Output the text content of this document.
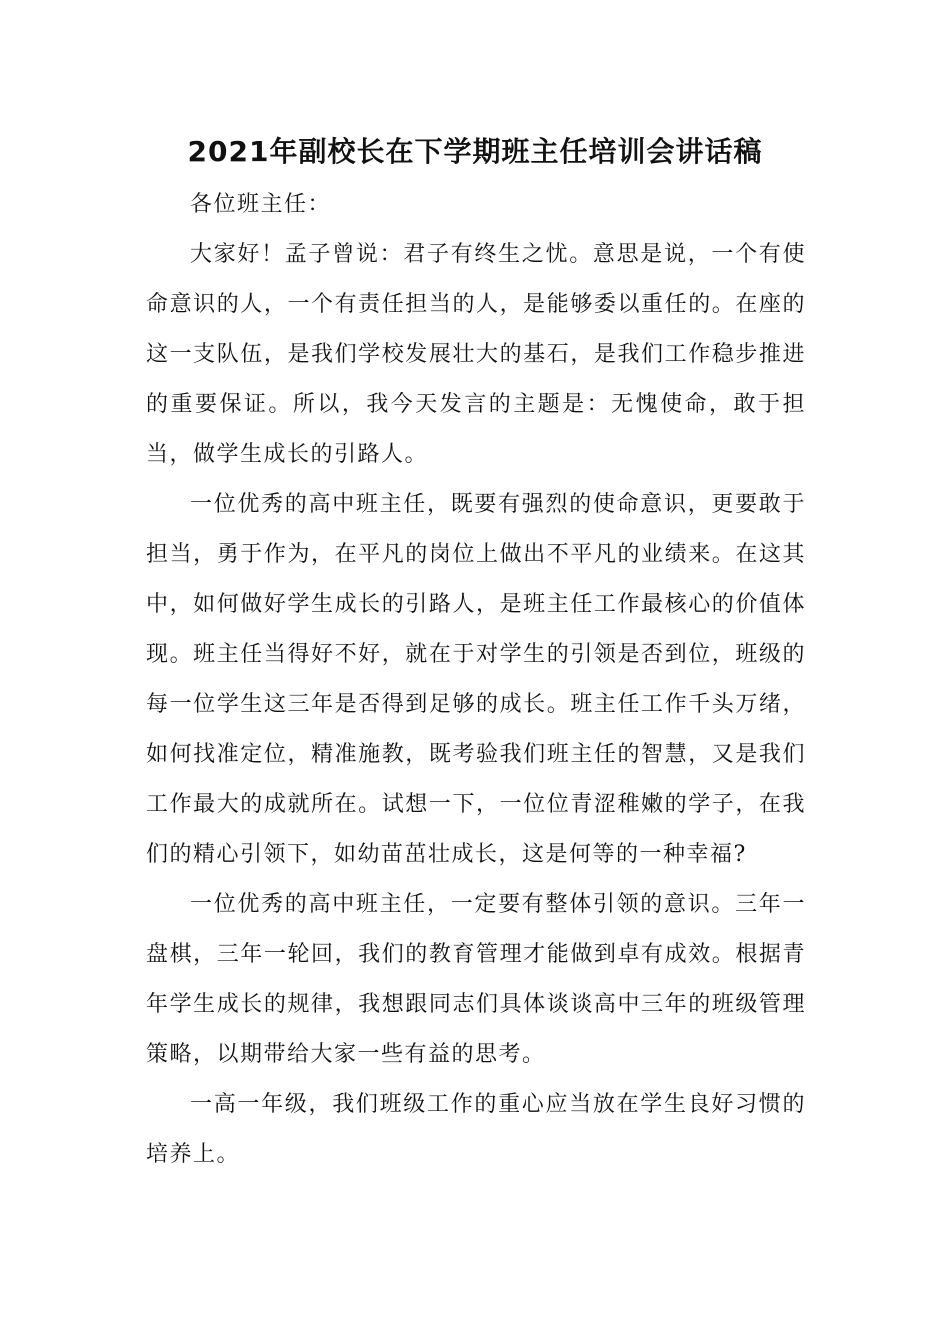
2021年副校长在下学期班主任培训会讲话稿

各位班主任：

大家好！孟子曾说：君子有终生之忧。意思是说，一个有使命意识的人，一个有责任担当的人，是能够委以重任的。在座的这一支队伍，是我们学校发展壮大的基石，是我们工作稳步推进的重要保证。所以，我今天发言的主题是：无愧使命，敢于担当，做学生成长的引路人。

一位优秀的高中班主任，既要有强烈的使命意识，更要敢于担当，勇于作为，在平凡的岗位上做出不平凡的业绩来。在这其中，如何做好学生成长的引路人，是班主任工作最核心的价值体现。班主任当得好不好，就在于对学生的引领是否到位，班级的每一位学生这三年是否得到足够的成长。班主任工作千头万绪，如何找准定位，精准施教，既考验我们班主任的智慧，又是我们工作最大的成就所在。试想一下，一位位青涩稚嫩的学子，在我们的精心引领下，如幼苗茁壮成长，这是何等的一种幸福?

一位优秀的高中班主任，一定要有整体引领的意识。三年一盘棋，三年一轮回，我们的教育管理才能做到卓有成效。根据青年学生成长的规律，我想跟同志们具体谈谈高中三年的班级管理策略，以期带给大家一些有益的思考。

一高一年级，我们班级工作的重心应当放在学生良好习惯的培养上。
